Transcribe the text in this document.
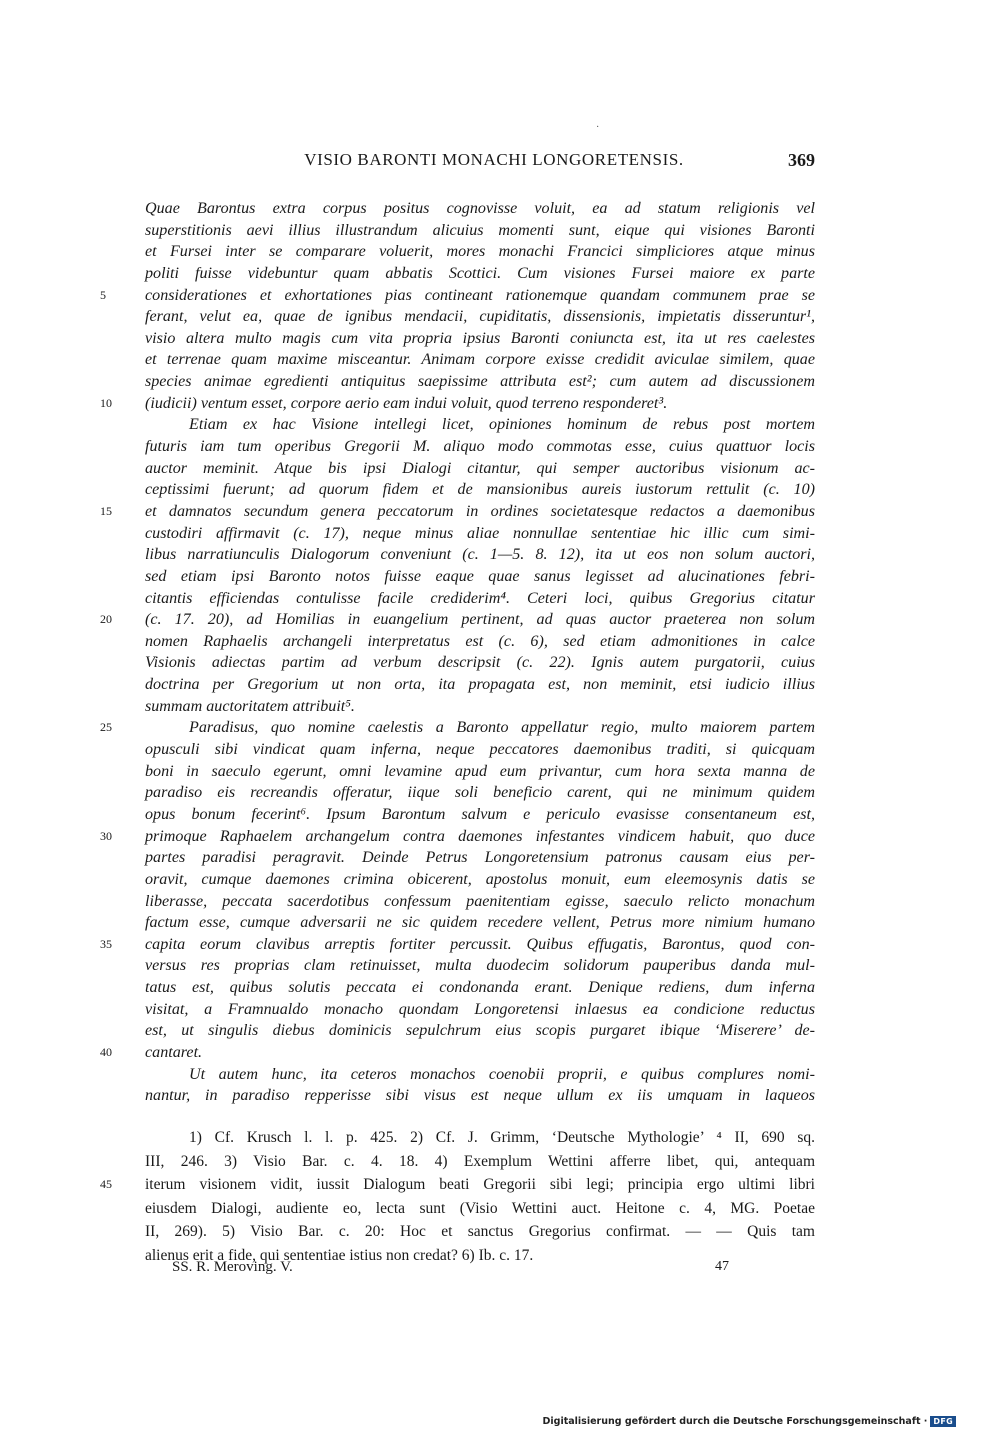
·
VISIO BARONTI MONACHI LONGORETENSIS.	369
Quae Barontus extra corpus positus cognovisse voluit, ea ad statum religionis vel
superstitionis aevi illius illustrandum alicuius momenti sunt, eique qui visiones Baronti
et Fursei inter se comparare voluerit, mores monachi Francici simpliciores atque minus
politi fuisse videbuntur quam abbatis Scottici. Cum visiones Fursei maiore ex parte
5	considerationes et exhortationes pias contineant rationemque quandam communem prae se
ferant, velut ea, quae de ignibus mendacii, cupiditatis, dissensionis, impietatis disseruntur¹,
visio altera multo magis cum vita propria ipsius Baronti coniuncta est, ita ut res caelestes
et terrenae quam maxime misceantur. Animam corpore exisse credidit aviculae similem, quae
species animae egredienti antiquitus saepissime attributa est²; cum autem ad discussionem
10	(iudicii) ventum esset, corpore aerio eam indui voluit, quod terreno responderet³.
Etiam ex hac Visione intellegi licet, opiniones hominum de rebus post mortem
futuris iam tum operibus Gregorii M. aliquo modo commotas esse, cuius quattuor locis
auctor meminit. Atque bis ipsi Dialogi citantur, qui semper auctoribus visionum ac-
ceptissimi fuerunt; ad quorum fidem et de mansionibus aureis iustorum rettulit (c. 10)
15	et damnatos secundum genera peccatorum in ordines societatesque redactos a daemonibus
custodiri affirmavit (c. 17), neque minus aliae nonnullae sententiae hic illic cum simi-
libus narratiunculis Dialogorum conveniunt (c. 1—5. 8. 12), ita ut eos non solum auctori,
sed etiam ipsi Baronto notos fuisse eaque quae sanus legisset ad alucinationes febri-
citantis efficiendas contulisse facile crediderim⁴. Ceteri loci, quibus Gregorius citatur
20	(c. 17. 20), ad Homilias in euangelium pertinent, ad quas auctor praeterea non solum
nomen Raphaelis archangeli interpretatus est (c. 6), sed etiam admonitiones in calce
Visionis adiectas partim ad verbum descripsit (c. 22). Ignis autem purgatorii, cuius
doctrina per Gregorium ut non orta, ita propagata est, non meminit, etsi iudicio illius
summam auctoritatem attribuit⁵.
25	Paradisus, quo nomine caelestis a Baronto appellatur regio, multo maiorem partem
opusculi sibi vindicat quam inferna, neque peccatores daemonibus traditi, si quicquam
boni in saeculo egerunt, omni levamine apud eum privantur, cum hora sexta manna de
paradiso eis recreandis offeratur, iique soli beneficio carent, qui ne minimum quidem
opus bonum fecerint⁶. Ipsum Barontum salvum e periculo evasisse consentaneum est,
30	primoque Raphaelem archangelum contra daemones infestantes vindicem habuit, quo duce
partes paradisi peragravit. Deinde Petrus Longoretensium patronus causam eius per-
oravit, cumque daemones crimina obicerent, apostolus monuit, eum eleemosynis datis se
liberasse, peccata sacerdotibus confessum paenitentiam egisse, saeculo relicto monachum
factum esse, cumque adversarii ne sic quidem recedere vellent, Petrus more nimium humano
35	capita eorum clavibus arreptis fortiter percussit. Quibus effugatis, Barontus, quod con-
versus res proprias clam retinuisset, multa duodecim solidorum pauperibus danda mul-
tatus est, quibus solutis peccata ei condonanda erant. Denique rediens, dum inferna
visitat, a Framnualdo monacho quondam Longoretensi inlaesus ea condicione reductus
est, ut singulis diebus dominicis sepulchrum eius scopis purgaret ibique ‘Miserere’ de-
40	cantaret.
Ut autem hunc, ita ceteros monachos coenobii proprii, e quibus complures nomi-
nantur, in paradiso repperisse sibi visus est neque ullum ex iis umquam in laqueos
1) Cf. Krusch l. l. p. 425. 2) Cf. J. Grimm, ‘Deutsche Mythologie’ ⁴ II, 690 sq.
III, 246. 3) Visio Bar. c. 4. 18. 4) Exemplum Wettini afferre libet, qui, antequam
45	iterum visionem vidit, iussit Dialogum beati Gregorii sibi legi; principia ergo ultimi libri
eiusdem Dialogi, audiente eo, lecta sunt (Visio Wettini auct. Heitone c. 4, MG. Poetae
II, 269). 5) Visio Bar. c. 20: Hoc et sanctus Gregorius confirmat. — — Quis tam
alienus erit a fide, qui sententiae istius non credat? 6) Ib. c. 17.
SS. R. Meroving. V.	47
Digitalisierung gefördert durch die Deutsche Forschungsgemeinschaft · DFG
